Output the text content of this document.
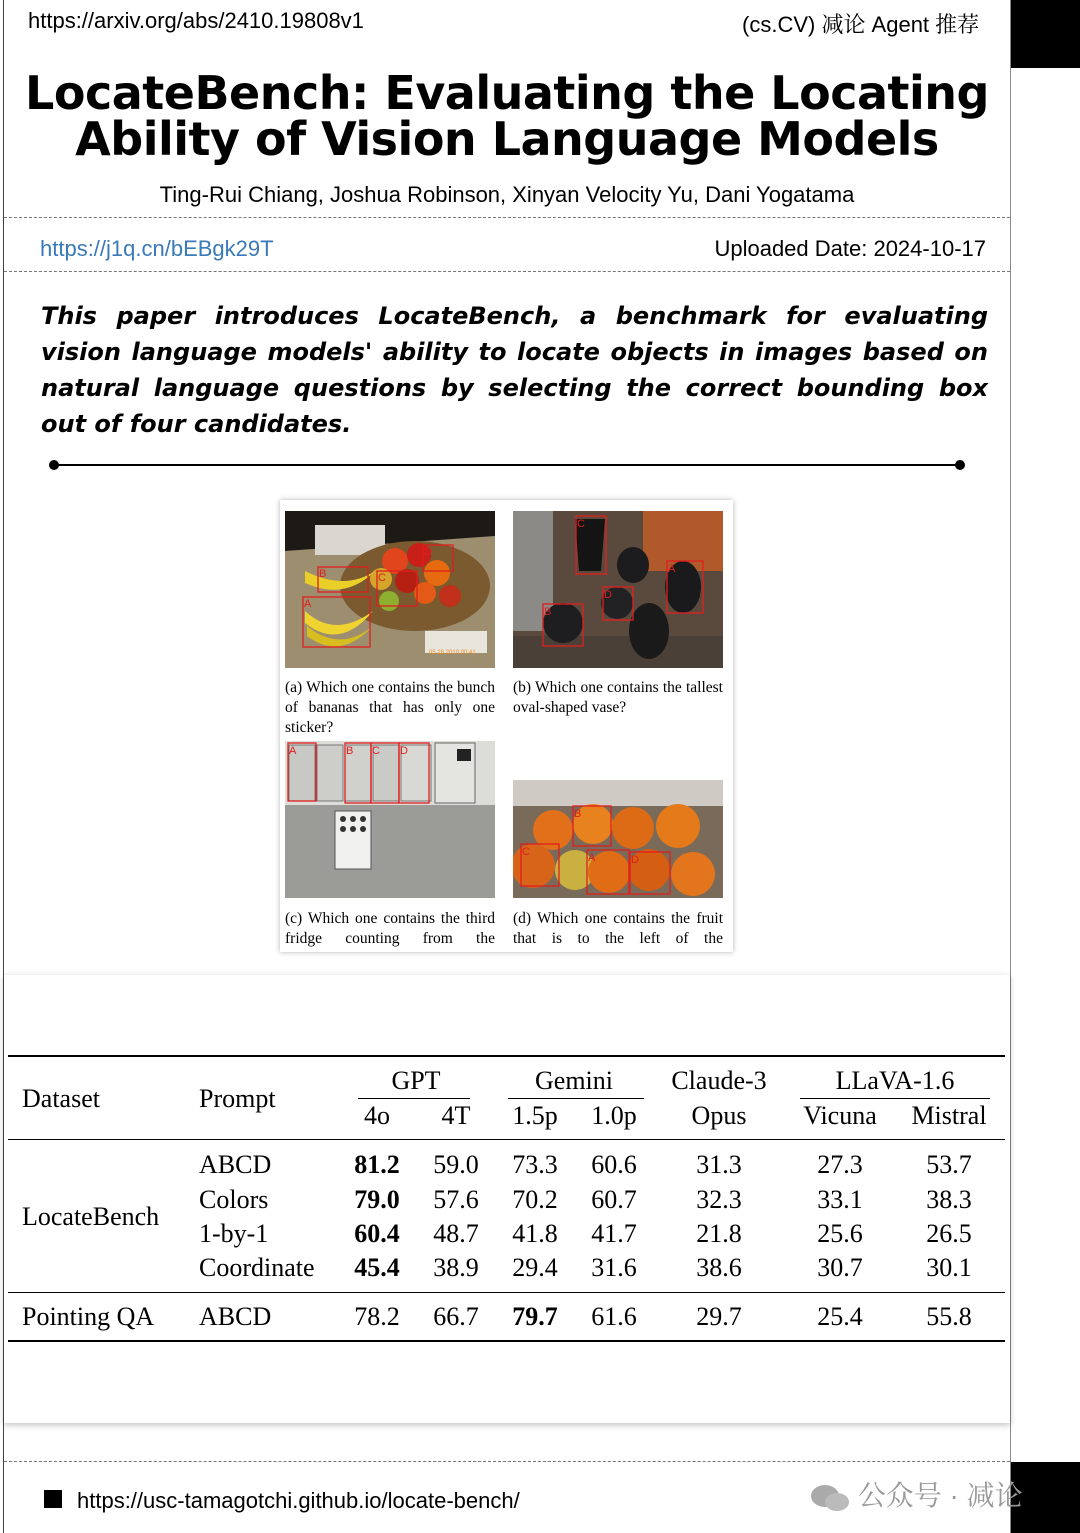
https://arxiv.org/abs/2410.19808v1	(cs.CV) 减论 Agent 推荐
LocateBench: Evaluating the Locating
Ability of Vision Language Models
Ting-Rui Chiang, Joshua Robinson, Xinyan Velocity Yu, Dani Yogatama
https://j1q.cn/bEBgk29T	Uploaded Date: 2024-10-17
This paper introduces LocateBench, a benchmark for evaluating vision language models' ability to locate objects in images based on natural language questions by selecting the correct bounding box out of four candidates.
05.28.2010 00:41
B
A
C
D
(a) Which one contains the bunch of bananas that has only one sticker?
C
A
D
B
(b) Which one contains the tallest oval-shaped vase?
A	B C D
(c) Which one contains the third fridge counting from the
B
C	A	D
(d) Which one contains the fruit that is to the left of the
Dataset	Prompt
GPT	Gemini	Claude-3	LLaVA-1.6
4o	4T	1.5p	1.0p	Opus	Vicuna	Mistral
LocateBench
ABCD	81.2	59.0	73.3	60.6	31.3	27.3	53.7
Colors	79.0	57.6	70.2	60.7	32.3	33.1	38.3
1-by-1	60.4	48.7	41.8	41.7	21.8	25.6	26.5
Coordinate	45.4	38.9	29.4	31.6	38.6	30.7	30.1
Pointing QA ABCD	78.2	66.7	79.7	61.6	29.7	25.4	55.8
https://usc-tamagotchi.github.io/locate-bench/	公众号 · 减论
